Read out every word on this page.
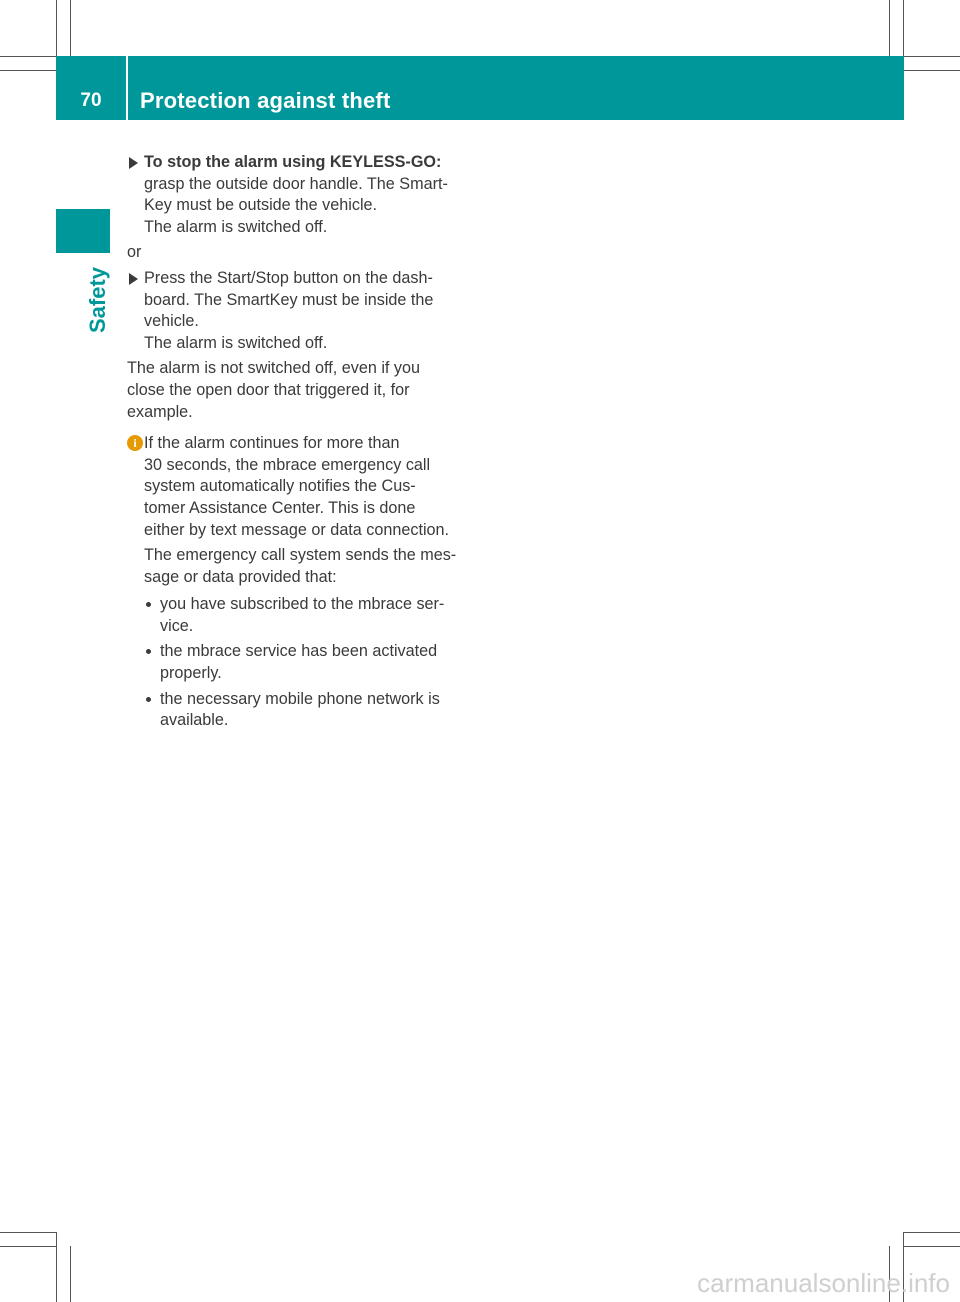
70	Protection against theft
Safety
To stop the alarm using KEYLESS-GO:
grasp the outside door handle. The Smart-
Key must be outside the vehicle.
The alarm is switched off.
or
Press the Start/Stop button on the dash-
board. The SmartKey must be inside the
vehicle.
The alarm is switched off.
The alarm is not switched off, even if you
close the open door that triggered it, for
example.
i If the alarm continues for more than
30 seconds, the mbrace emergency call
system automatically notifies the Cus-
tomer Assistance Center. This is done
either by text message or data connection.
The emergency call system sends the mes-
sage or data provided that:
you have subscribed to the mbrace ser-
vice.
the mbrace service has been activated
properly.
the necessary mobile phone network is
available.
carmanualsonline.info
